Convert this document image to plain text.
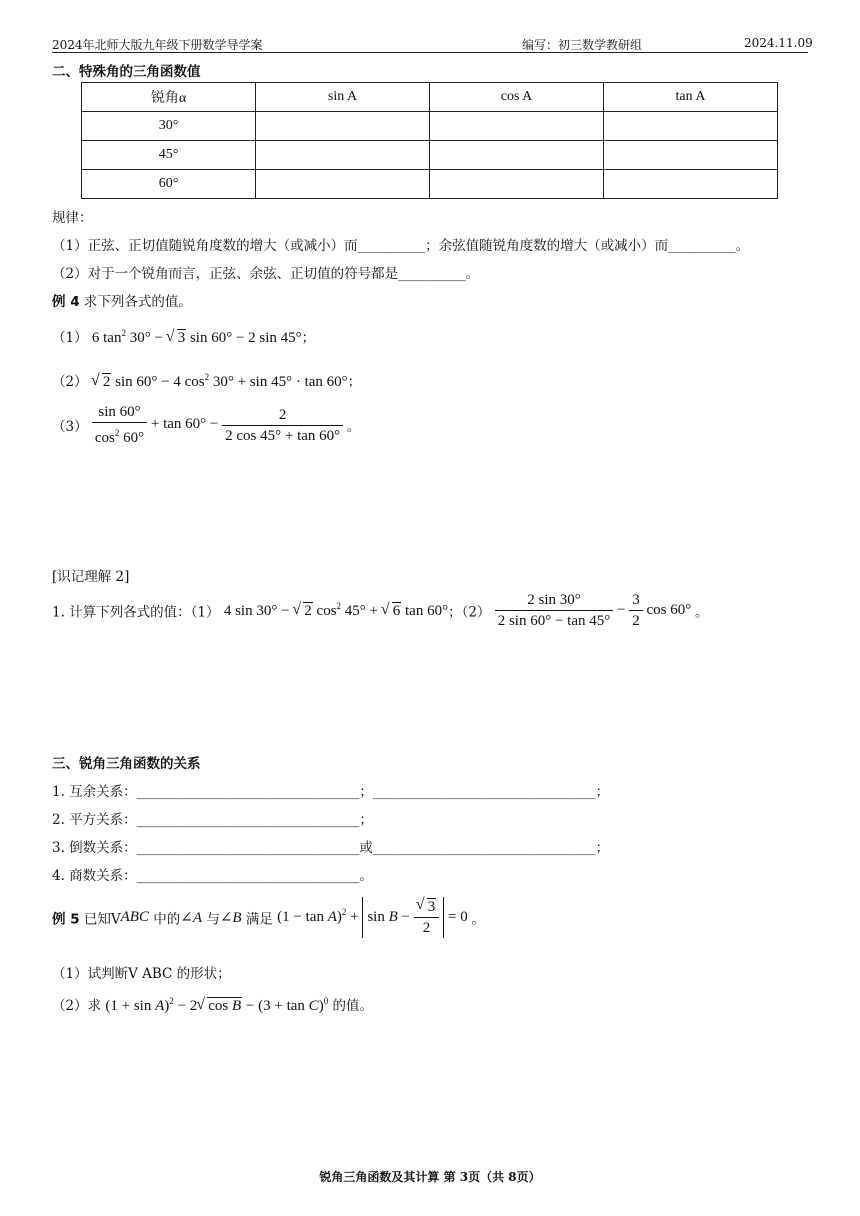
2024年北师大版九年级下册数学导学案	编写：初三数学教研组	2024.11.09
二、特殊角的三角函数值
锐角α	sin A	cos A	tan A
30°			
45°			
60°			
规律：
（1）正弦、正切值随锐角度数的增大（或减小）而__________；余弦值随锐角度数的增大（或减小）而__________。
（2）对于一个锐角而言，正弦、余弦、正切值的符号都是__________。
例 4 求下列各式的值。
（1） 6 $\tan^2 30^\circ$ − √ 3 sin 60° − 2 sin 45°；
（2） √ 2 sin 60° − 4 $\cos^2 30^\circ + \sin 45^\circ \cdot \tan 60^\circ$；
$(3) \frac{\sin 60^\circ}{\cos^2 60^\circ} + \tan 60^\circ - \frac{2}{2 \cos 45^\circ + \tan 60^\circ}$ 。
[识记理解 2]
1. 计算下列各式的值：（1） 4 sin 30° − √ 2 $\cos^2 45^\circ$ + √ 6 tan 60°；$(2) \frac{2 \sin 30^\circ}{2 \sin 60^\circ - \tan 45^\circ} - \frac{3}{2}$ cos 60° 。
三、锐角三角函数的关系
1. 互余关系：_________________________________；_________________________________；
2. 平方关系：_________________________________；
3. 倒数关系：_________________________________或_________________________________；
4. 商数关系：_________________________________。
例 5 已知VABC 中的∠A 与∠B 满足 $(1 - \tan A)^2 + \sin B$ − √ $\frac{3}{2} = 0$ 。
（1）试判断V ABC 的形状；
（2）求 $(1 + \sin A)^2 - 2$ √ $\cos B - (3 + \tan C)^0$ 的值。
锐角三角函数及其计算 第 3页（共 8页）
